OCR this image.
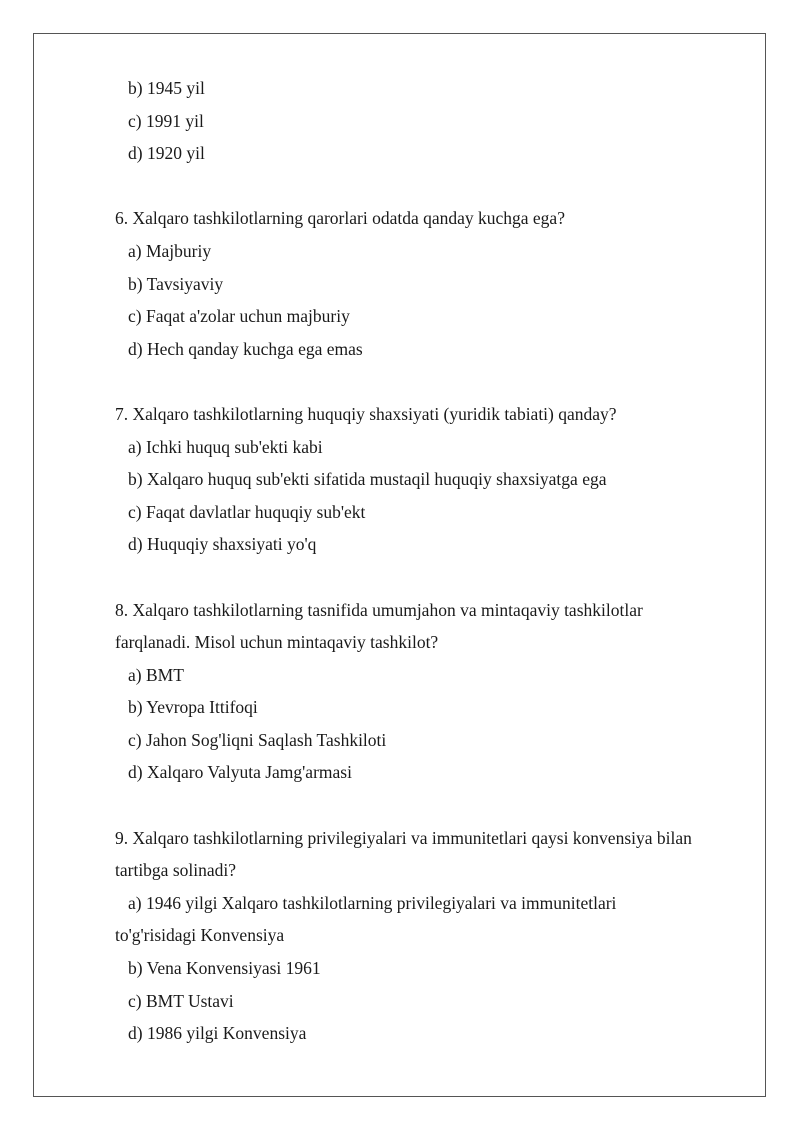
b) 1945 yil
c) 1991 yil
d) 1920 yil
6. Xalqaro tashkilotlarning qarorlari odatda qanday kuchga ega?
a) Majburiy
b) Tavsiyaviy
c) Faqat a'zolar uchun majburiy
d) Hech qanday kuchga ega emas
7. Xalqaro tashkilotlarning huquqiy shaxsiyati (yuridik tabiati) qanday?
a) Ichki huquq sub'ekti kabi
b) Xalqaro huquq sub'ekti sifatida mustaqil huquqiy shaxsiyatga ega
c) Faqat davlatlar huquqiy sub'ekt
d) Huquqiy shaxsiyati yo'q
8. Xalqaro tashkilotlarning tasnifida umumjahon va mintaqaviy tashkilotlar
farqlanadi. Misol uchun mintaqaviy tashkilot?
a) BMT
b) Yevropa Ittifoqi
c) Jahon Sog'liqni Saqlash Tashkiloti
d) Xalqaro Valyuta Jamg'armasi
9. Xalqaro tashkilotlarning privilegiyalari va immunitetlari qaysi konvensiya bilan
tartibga solinadi?
a) 1946 yilgi Xalqaro tashkilotlarning privilegiyalari va immunitetlari
to'g'risidagi Konvensiya
b) Vena Konvensiyasi 1961
c) BMT Ustavi
d) 1986 yilgi Konvensiya
